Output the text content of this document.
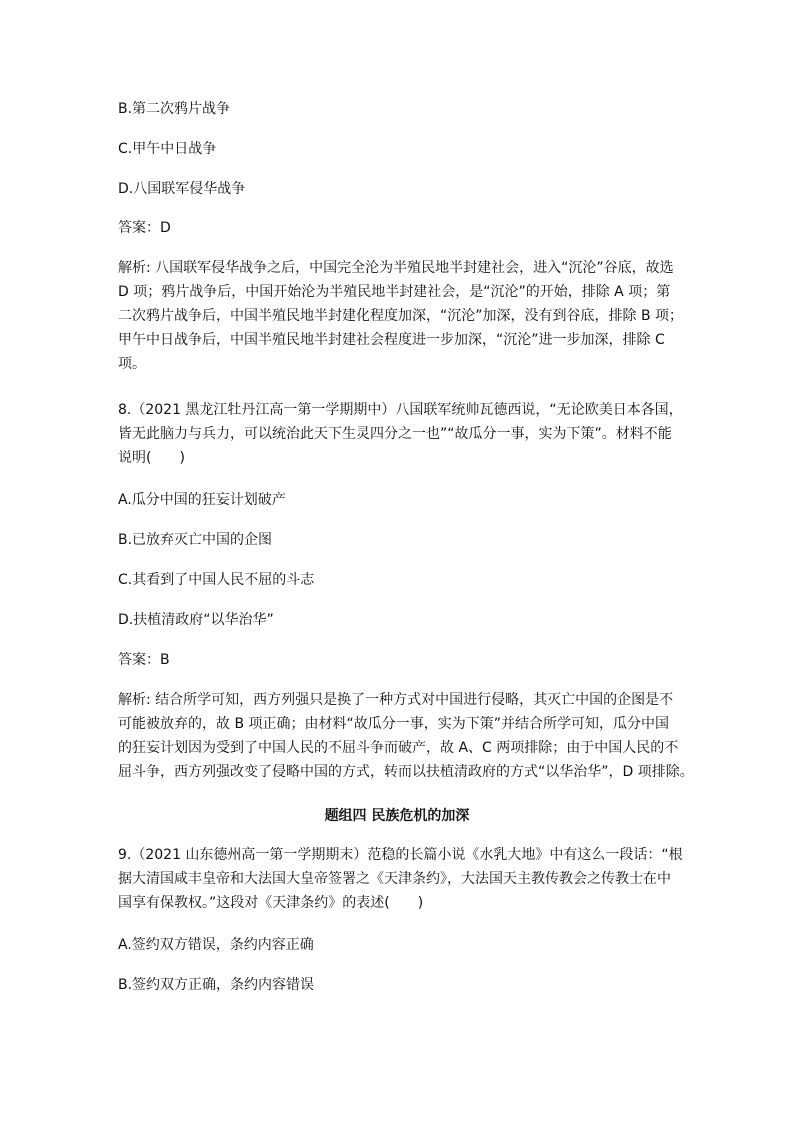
B.第二次鸦片战争
C.甲午中日战争
D.八国联军侵华战争
答案：D
解析: 八国联军侵华战争之后，中国完全沦为半殖民地半封建社会，进入“沉沦”谷底，故选
D 项；鸦片战争后，中国开始沦为半殖民地半封建社会，是“沉沦”的开始，排除 A 项；第
二次鸦片战争后，中国半殖民地半封建化程度加深，“沉沦”加深，没有到谷底，排除 B 项；
甲午中日战争后，中国半殖民地半封建社会程度进一步加深，“沉沦”进一步加深，排除 C
项。
8.（2021 黑龙江牡丹江高一第一学期期中）八国联军统帅瓦德西说，“无论欧美日本各国，
皆无此脑力与兵力，可以统治此天下生灵四分之一也”“故瓜分一事，实为下策”。材料不能
说明(　　)
A.瓜分中国的狂妄计划破产
B.已放弃灭亡中国的企图
C.其看到了中国人民不屈的斗志
D.扶植清政府“以华治华”
答案：B
解析: 结合所学可知，西方列强只是换了一种方式对中国进行侵略，其灭亡中国的企图是不
可能被放弃的，故 B 项正确；由材料“故瓜分一事，实为下策”并结合所学可知，瓜分中国
的狂妄计划因为受到了中国人民的不屈斗争而破产，故 A、C 两项排除；由于中国人民的不
屈斗争，西方列强改变了侵略中国的方式，转而以扶植清政府的方式“以华治华”，D 项排除。
题组四 民族危机的加深
9.（2021 山东德州高一第一学期期末）范稳的长篇小说《水乳大地》中有这么一段话：“根
据大清国咸丰皇帝和大法国大皇帝签署之《天津条约》，大法国天主教传教会之传教士在中
国享有保教权。”这段对《天津条约》的表述(　　)
A.签约双方错误，条约内容正确
B.签约双方正确，条约内容错误
